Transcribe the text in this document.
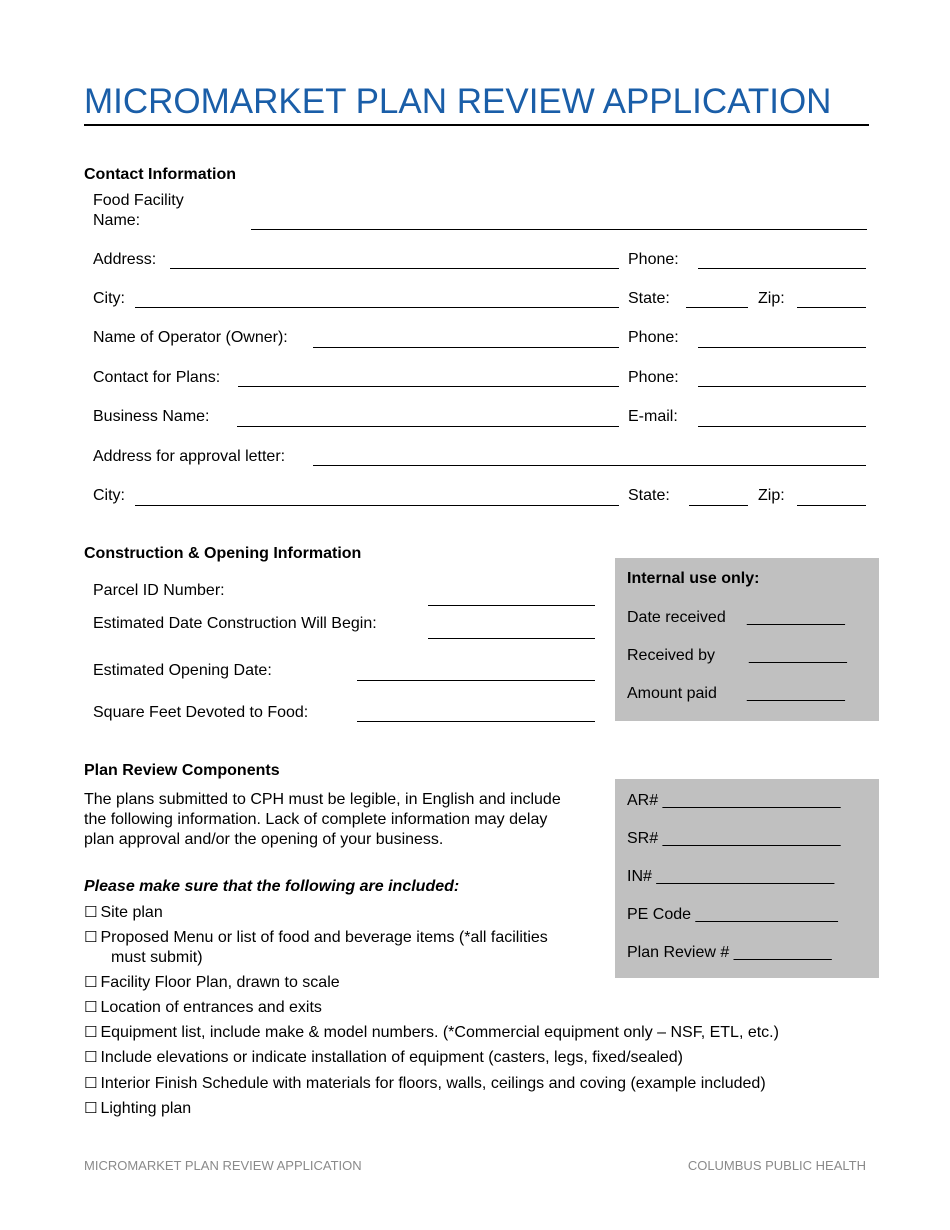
MICROMARKET PLAN REVIEW APPLICATION
Contact Information
Food Facility
Name:
Address:	Phone:
City:	State:	Zip:
Name of Operator (Owner):	Phone:
Contact for Plans:	Phone:
Business Name:	E-mail:
Address for approval letter:
City:	State:	Zip:
Construction & Opening Information
Parcel ID Number:
Estimated Date Construction Will Begin:
Estimated Opening Date:
Square Feet Devoted to Food:
Internal use only:
Date received ___________
Received by ___________
Amount paid ___________
Plan Review Components
The plans submitted to CPH must be legible, in English and include
the following information. Lack of complete information may delay
plan approval and/or the opening of your business.
Please make sure that the following are included:
☐ Site plan
☐ Proposed Menu or list of food and beverage items (*all facilities
must submit)
☐ Facility Floor Plan, drawn to scale
☐ Location of entrances and exits
☐ Equipment list, include make & model numbers. (*Commercial equipment only – NSF, ETL, etc.)
☐ Include elevations or indicate installation of equipment (casters, legs, fixed/sealed)
☐ Interior Finish Schedule with materials for floors, walls, ceilings and coving (example included)
☐ Lighting plan
AR# ____________________
SR# ____________________
IN# ____________________
PE Code ________________
Plan Review # ___________
MICROMARKET PLAN REVIEW APPLICATION	COLUMBUS PUBLIC HEALTH
